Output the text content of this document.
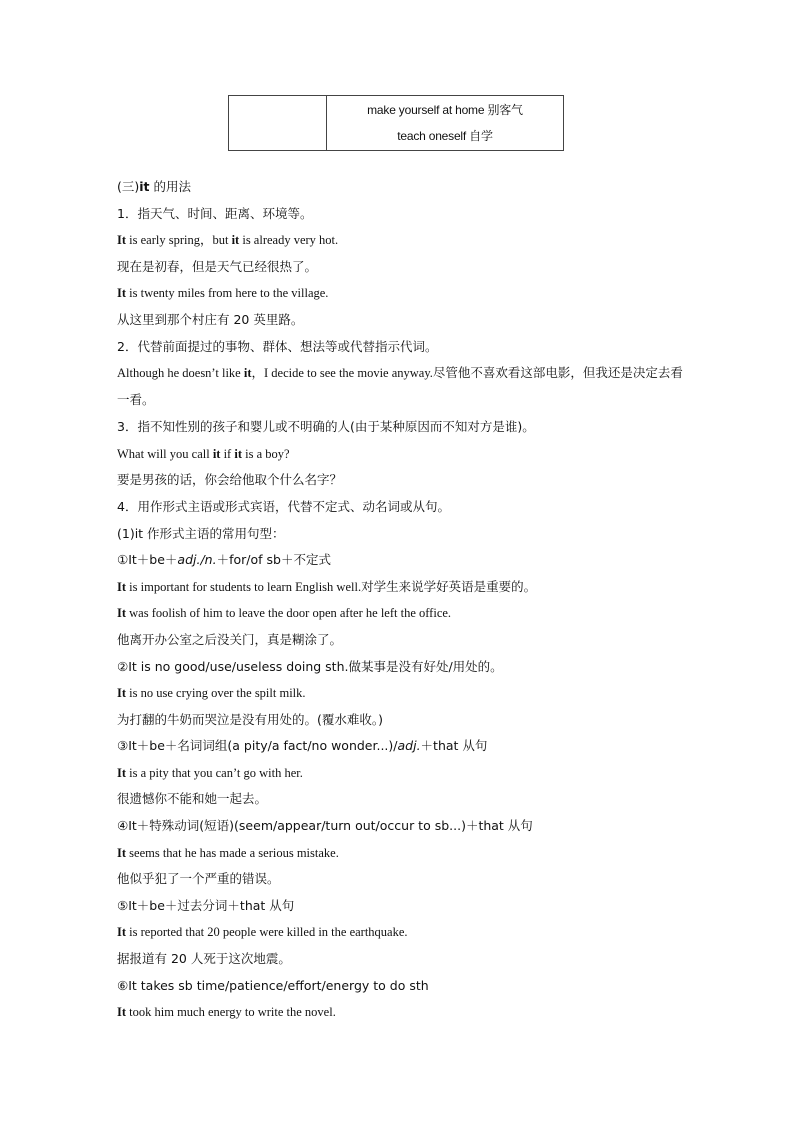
make yourself at home 别客气
teach oneself 自学
(三)it 的用法
1．指天气、时间、距离、环境等。
It is early spring，but it is already very hot.
现在是初春，但是天气已经很热了。
It is twenty miles from here to the village.
从这里到那个村庄有 20 英里路。
2．代替前面提过的事物、群体、想法等或代替指示代词。
Although he doesn’t like it，I decide to see the movie anyway.尽管他不喜欢看这部电影，但我还是决定去看一看。
3．指不知性别的孩子和婴儿或不明确的人(由于某种原因而不知对方是谁)。
What will you call it if it is a boy?
要是男孩的话，你会给他取个什么名字？
4．用作形式主语或形式宾语，代替不定式、动名词或从句。
(1)it 作形式主语的常用句型：
①It＋be＋adj./n.＋for/of sb＋不定式
It is important for students to learn English well.对学生来说学好英语是重要的。
It was foolish of him to leave the door open after he left the office.
他离开办公室之后没关门，真是糊涂了。
②It is no good/use/useless doing sth.做某事是没有好处/用处的。
It is no use crying over the spilt milk.
为打翻的牛奶而哭泣是没有用处的。(覆水难收。)
③It＋be＋名词词组(a pity/a fact/no wonder...)/adj.＋that 从句
It is a pity that you can’t go with her.
很遗憾你不能和她一起去。
④It＋特殊动词(短语)(seem/appear/turn out/occur to sb...)＋that 从句
It seems that he has made a serious mistake.
他似乎犯了一个严重的错误。
⑤It＋be＋过去分词＋that 从句
It is reported that 20 people were killed in the earthquake.
据报道有 20 人死于这次地震。
⑥It takes sb time/patience/effort/energy to do sth
It took him much energy to write the novel.
